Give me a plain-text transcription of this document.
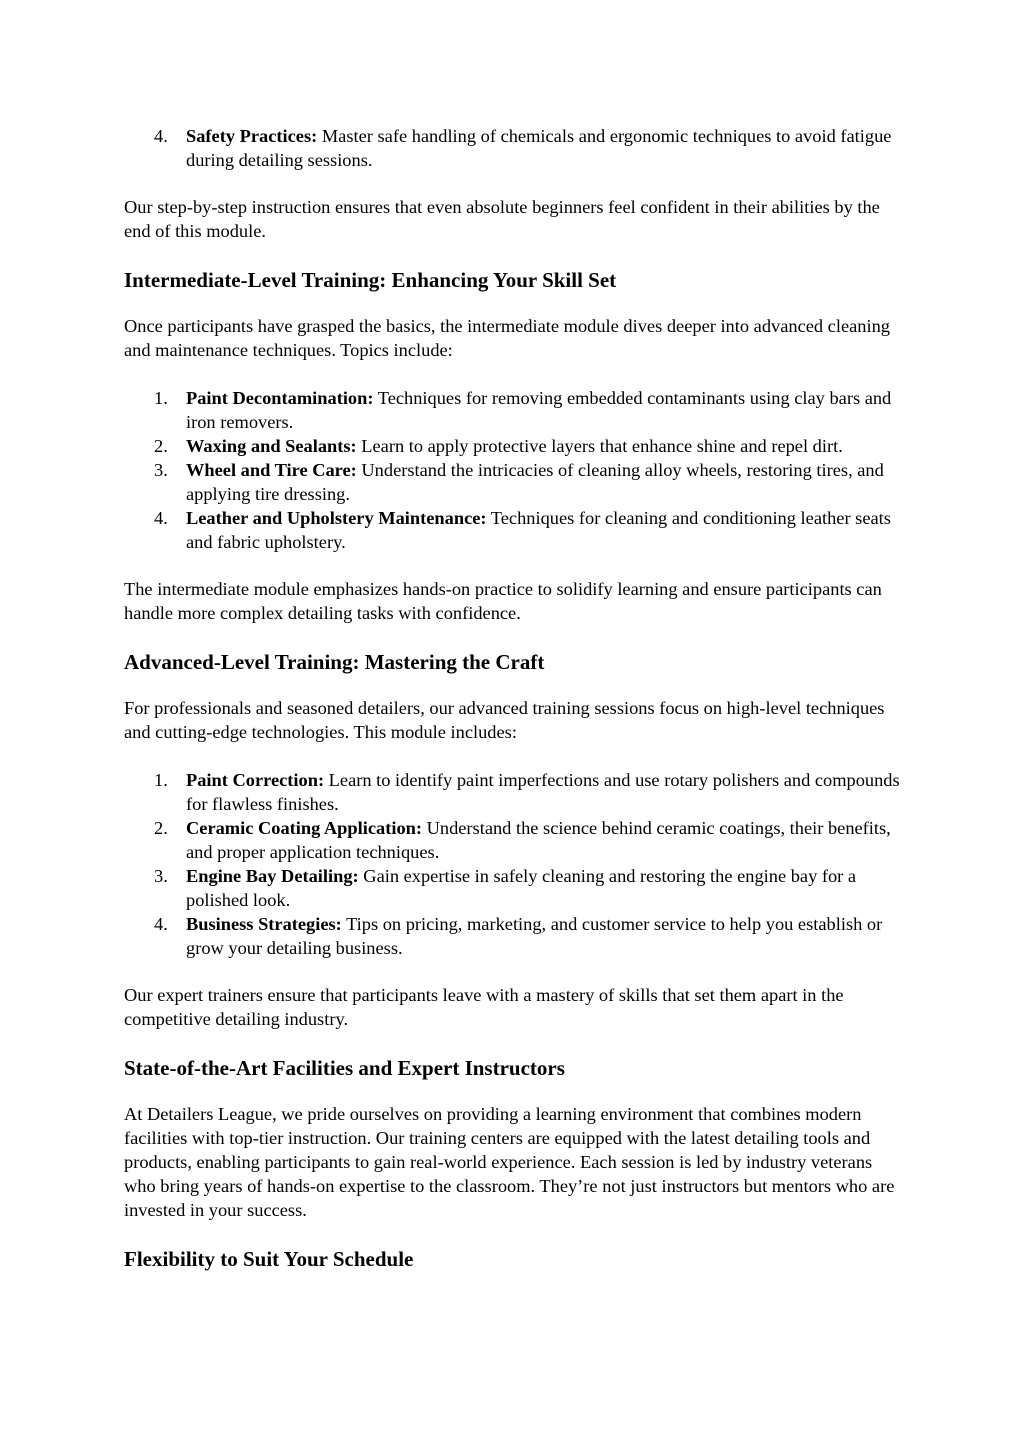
4. Safety Practices: Master safe handling of chemicals and ergonomic techniques to avoid fatigue during detailing sessions.

Our step-by-step instruction ensures that even absolute beginners feel confident in their abilities by the end of this module.

Intermediate-Level Training: Enhancing Your Skill Set

Once participants have grasped the basics, the intermediate module dives deeper into advanced cleaning and maintenance techniques. Topics include:

1. Paint Decontamination: Techniques for removing embedded contaminants using clay bars and iron removers.
2. Waxing and Sealants: Learn to apply protective layers that enhance shine and repel dirt.
3. Wheel and Tire Care: Understand the intricacies of cleaning alloy wheels, restoring tires, and applying tire dressing.
4. Leather and Upholstery Maintenance: Techniques for cleaning and conditioning leather seats and fabric upholstery.

The intermediate module emphasizes hands-on practice to solidify learning and ensure participants can handle more complex detailing tasks with confidence.

Advanced-Level Training: Mastering the Craft

For professionals and seasoned detailers, our advanced training sessions focus on high-level techniques and cutting-edge technologies. This module includes:

1. Paint Correction: Learn to identify paint imperfections and use rotary polishers and compounds for flawless finishes.
2. Ceramic Coating Application: Understand the science behind ceramic coatings, their benefits, and proper application techniques.
3. Engine Bay Detailing: Gain expertise in safely cleaning and restoring the engine bay for a polished look.
4. Business Strategies: Tips on pricing, marketing, and customer service to help you establish or grow your detailing business.

Our expert trainers ensure that participants leave with a mastery of skills that set them apart in the competitive detailing industry.

State-of-the-Art Facilities and Expert Instructors

At Detailers League, we pride ourselves on providing a learning environment that combines modern facilities with top-tier instruction. Our training centers are equipped with the latest detailing tools and products, enabling participants to gain real-world experience. Each session is led by industry veterans who bring years of hands-on expertise to the classroom. They’re not just instructors but mentors who are invested in your success.

Flexibility to Suit Your Schedule
